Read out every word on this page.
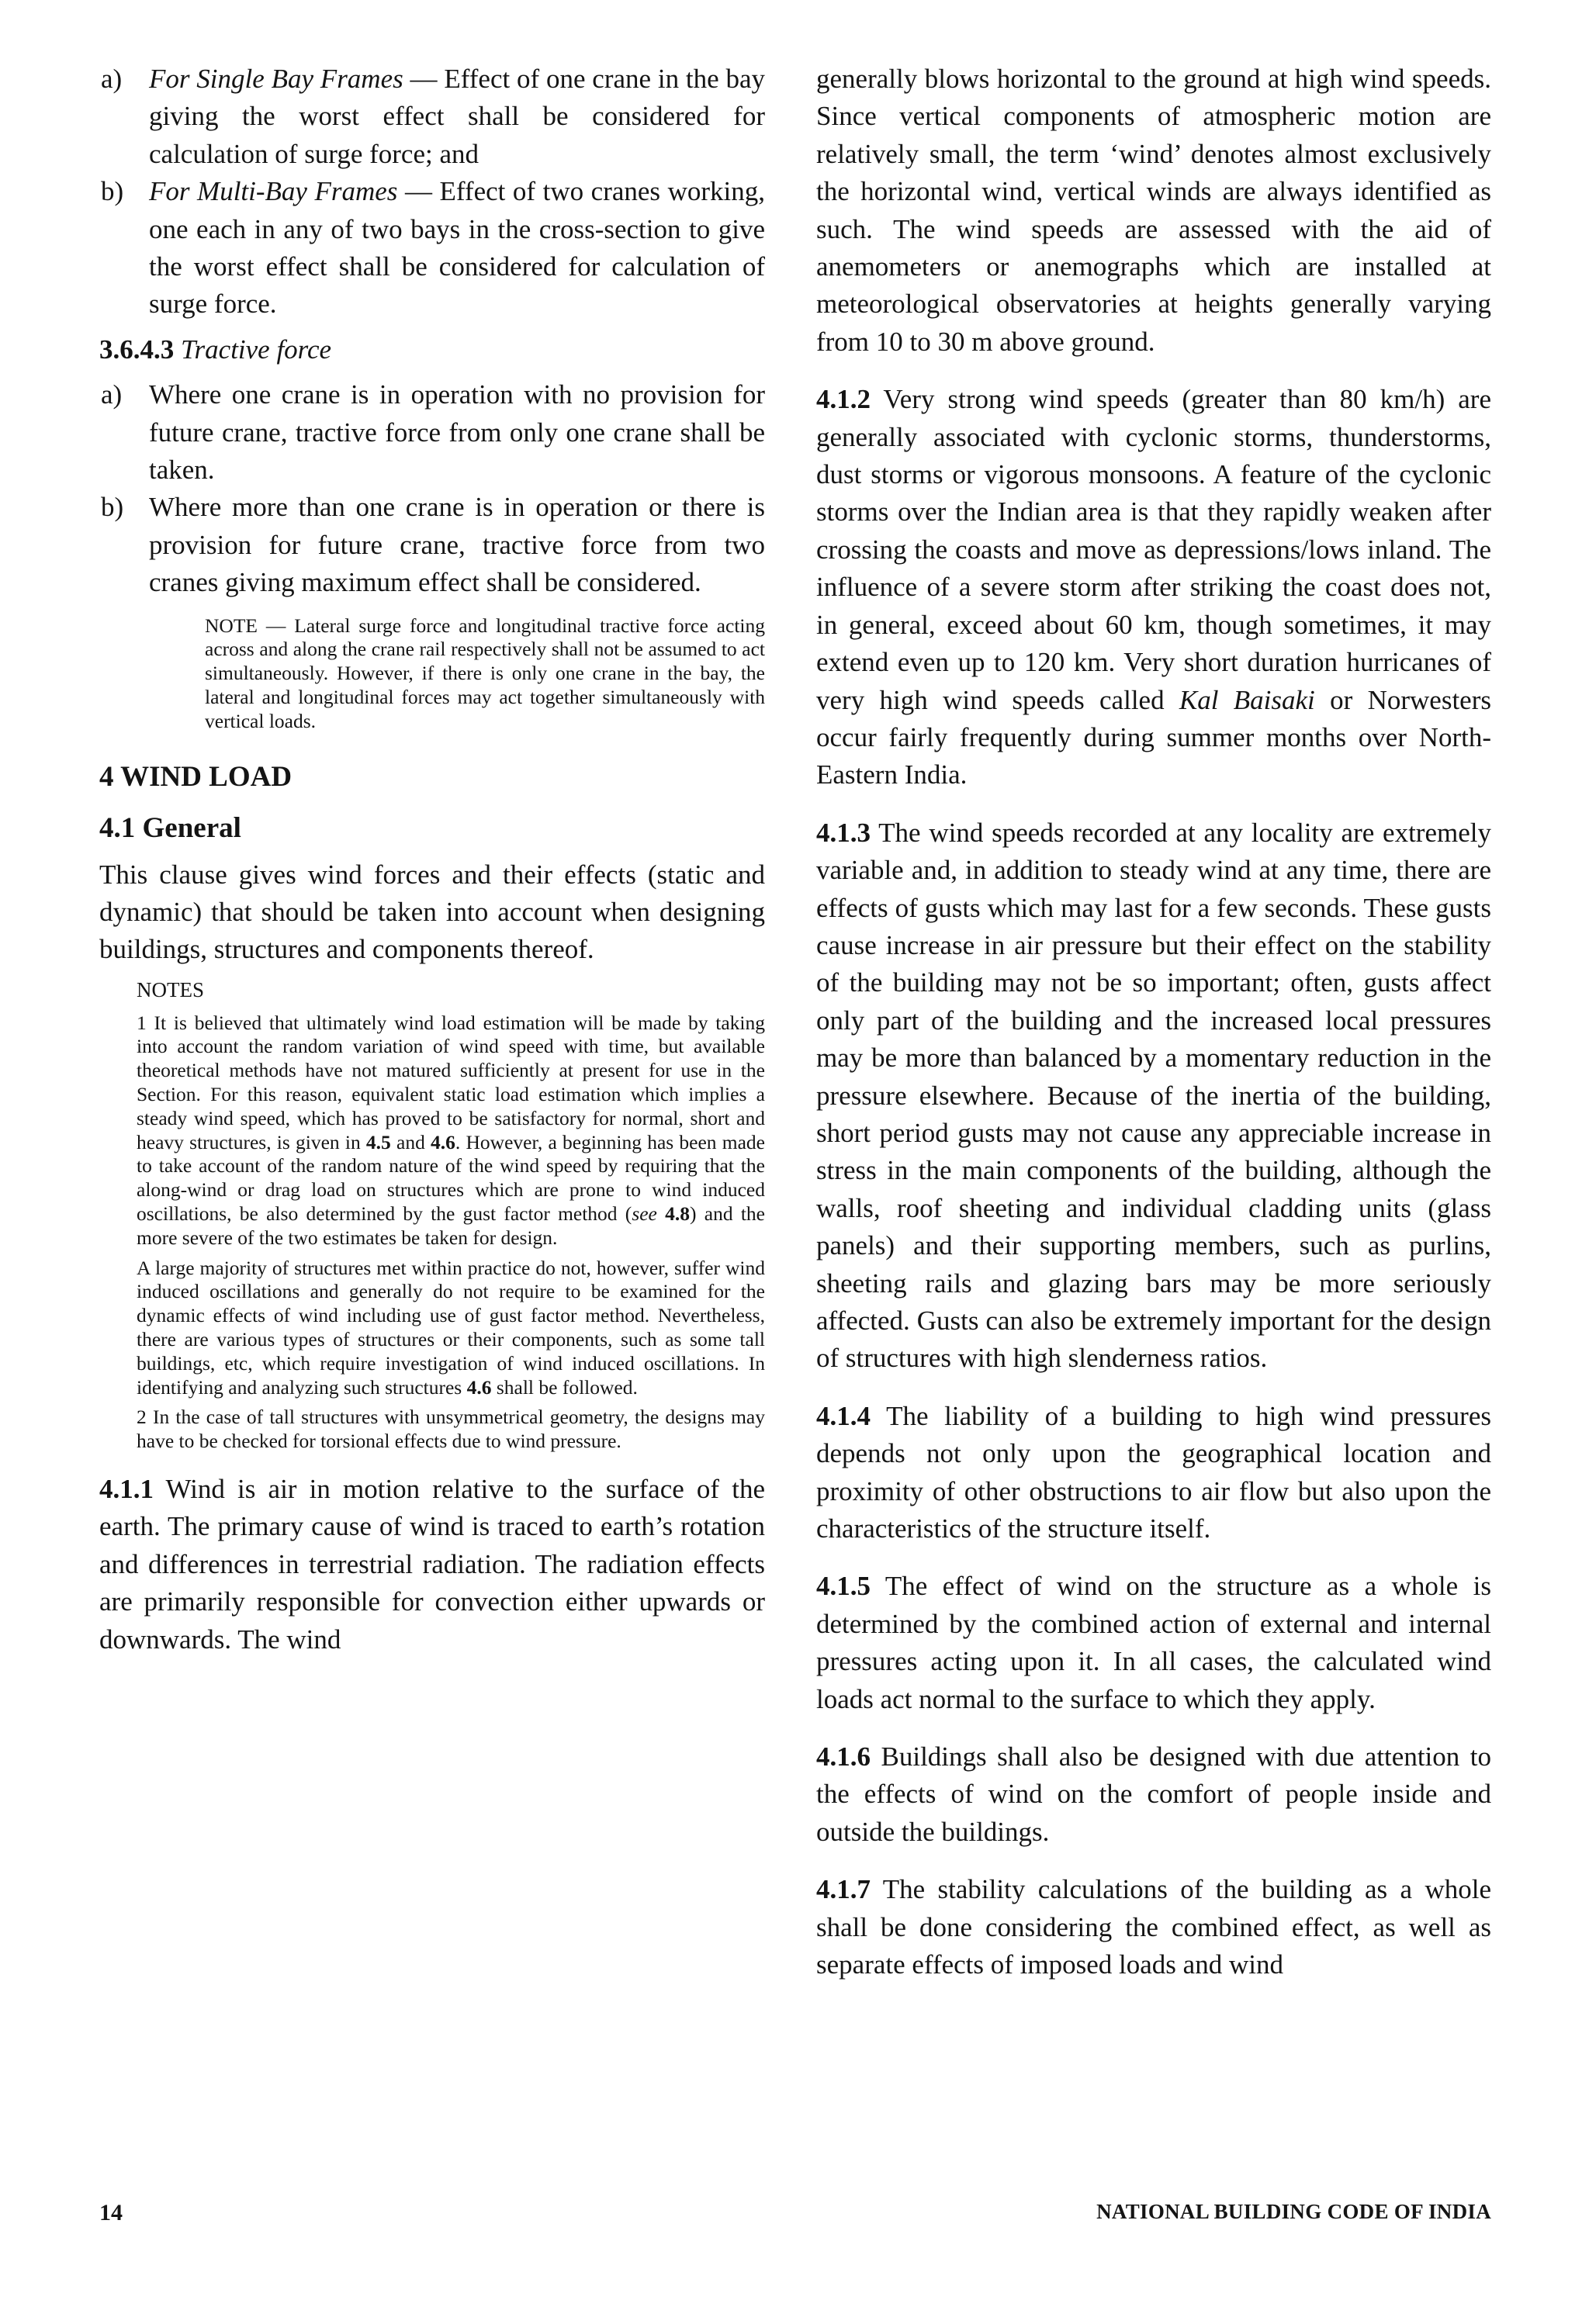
a) For Single Bay Frames — Effect of one crane in the bay giving the worst effect shall be considered for calculation of surge force; and

b) For Multi-Bay Frames — Effect of two cranes working, one each in any of two bays in the cross-section to give the worst effect shall be considered for calculation of surge force.

3.6.4.3 Tractive force

a) Where one crane is in operation with no provision for future crane, tractive force from only one crane shall be taken.

b) Where more than one crane is in operation or there is provision for future crane, tractive force from two cranes giving maximum effect shall be considered.

NOTE — Lateral surge force and longitudinal tractive force acting across and along the crane rail respectively shall not be assumed to act simultaneously. However, if there is only one crane in the bay, the lateral and longitudinal forces may act together simultaneously with vertical loads.

4 WIND LOAD

4.1 General

This clause gives wind forces and their effects (static and dynamic) that should be taken into account when designing buildings, structures and components thereof.

NOTES

1 It is believed that ultimately wind load estimation will be made by taking into account the random variation of wind speed with time, but available theoretical methods have not matured sufficiently at present for use in the Section. For this reason, equivalent static load estimation which implies a steady wind speed, which has proved to be satisfactory for normal, short and heavy structures, is given in 4.5 and 4.6. However, a beginning has been made to take account of the random nature of the wind speed by requiring that the along-wind or drag load on structures which are prone to wind induced oscillations, be also determined by the gust factor method (see 4.8) and the more severe of the two estimates be taken for design.

A large majority of structures met within practice do not, however, suffer wind induced oscillations and generally do not require to be examined for the dynamic effects of wind including use of gust factor method. Nevertheless, there are various types of structures or their components, such as some tall buildings, etc, which require investigation of wind induced oscillations. In identifying and analyzing such structures 4.6 shall be followed.

2 In the case of tall structures with unsymmetrical geometry, the designs may have to be checked for torsional effects due to wind pressure.

4.1.1 Wind is air in motion relative to the surface of the earth. The primary cause of wind is traced to earth’s rotation and differences in terrestrial radiation. The radiation effects are primarily responsible for convection either upwards or downwards. The wind

generally blows horizontal to the ground at high wind speeds. Since vertical components of atmospheric motion are relatively small, the term ‘wind’ denotes almost exclusively the horizontal wind, vertical winds are always identified as such. The wind speeds are assessed with the aid of anemometers or anemographs which are installed at meteorological observatories at heights generally varying from 10 to 30 m above ground.

4.1.2 Very strong wind speeds (greater than 80 km/h) are generally associated with cyclonic storms, thunderstorms, dust storms or vigorous monsoons. A feature of the cyclonic storms over the Indian area is that they rapidly weaken after crossing the coasts and move as depressions/lows inland. The influence of a severe storm after striking the coast does not, in general, exceed about 60 km, though sometimes, it may extend even up to 120 km. Very short duration hurricanes of very high wind speeds called Kal Baisaki or Norwesters occur fairly frequently during summer months over North-Eastern India.

4.1.3 The wind speeds recorded at any locality are extremely variable and, in addition to steady wind at any time, there are effects of gusts which may last for a few seconds. These gusts cause increase in air pressure but their effect on the stability of the building may not be so important; often, gusts affect only part of the building and the increased local pressures may be more than balanced by a momentary reduction in the pressure elsewhere. Because of the inertia of the building, short period gusts may not cause any appreciable increase in stress in the main components of the building, although the walls, roof sheeting and individual cladding units (glass panels) and their supporting members, such as purlins, sheeting rails and glazing bars may be more seriously affected. Gusts can also be extremely important for the design of structures with high slenderness ratios.

4.1.4 The liability of a building to high wind pressures depends not only upon the geographical location and proximity of other obstructions to air flow but also upon the characteristics of the structure itself.

4.1.5 The effect of wind on the structure as a whole is determined by the combined action of external and internal pressures acting upon it. In all cases, the calculated wind loads act normal to the surface to which they apply.

4.1.6 Buildings shall also be designed with due attention to the effects of wind on the comfort of people inside and outside the buildings.

4.1.7 The stability calculations of the building as a whole shall be done considering the combined effect, as well as separate effects of imposed loads and wind

14	NATIONAL BUILDING CODE OF INDIA
